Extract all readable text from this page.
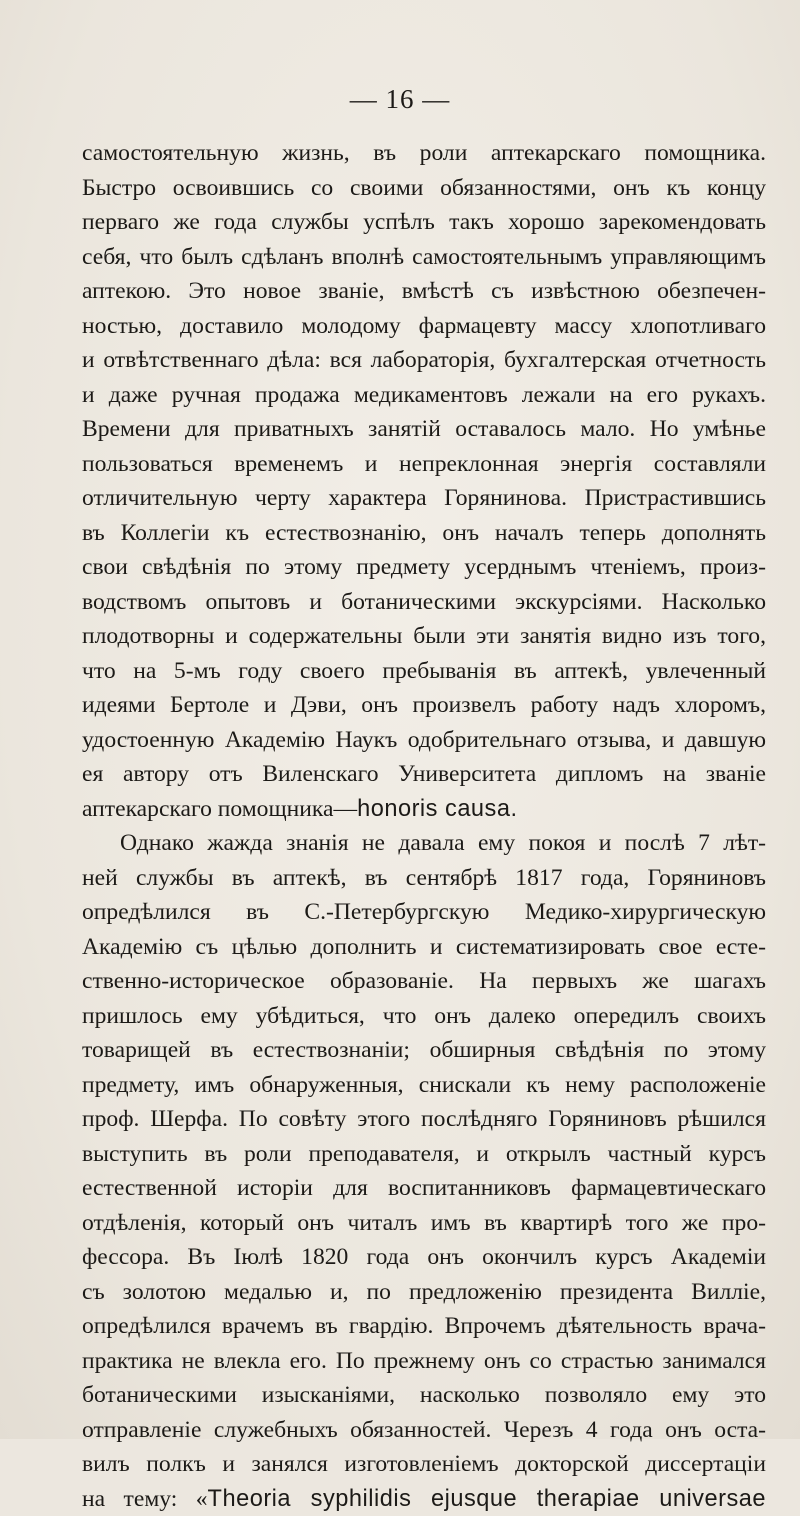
— 16 —
самостоятельную жизнь, въ роли аптекарскаго помощника.
Быстро освоившись со своими обязанностями, онъ къ концу
перваго же года службы успѣлъ такъ хорошо зарекомендовать
себя, что былъ сдѣланъ вполнѣ самостоятельнымъ управляющимъ
аптекою. Это новое званіе, вмѣстѣ съ извѣстною обезпечен-
ностью, доставило молодому фармацевту массу хлопотливаго
и отвѣтственнаго дѣла: вся лабораторія, бухгалтерская отчетность
и даже ручная продажа медикаментовъ лежали на его рукахъ.
Времени для приватныхъ занятій оставалось мало. Но умѣнье
пользоваться временемъ и непреклонная энергія составляли
отличительную черту характера Горянинова. Пристрастившись
въ Коллегіи къ естествознанію, онъ началъ теперь дополнять
свои свѣдѣнія по этому предмету усерднымъ чтеніемъ, произ-
водствомъ опытовъ и ботаническими экскурсіями. Насколько
плодотворны и содержательны были эти занятія видно изъ того,
что на 5-мъ году своего пребыванія въ аптекѣ, увлеченный
идеями Бертоле и Дэви, онъ произвелъ работу надъ хлоромъ,
удостоенную Академію Наукъ одобрительнаго отзыва, и давшую
ея автору отъ Виленскаго Университета дипломъ на званіе
аптекарскаго помощника—honoris causa.
Однако жажда знанія не давала ему покоя и послѣ 7 лѣт-
ней службы въ аптекѣ, въ сентябрѣ 1817 года, Горяниновъ
опредѣлился въ С.-Петербургскую Медико-хирургическую
Академію съ цѣлью дополнить и систематизировать свое есте-
ственно-историческое образованіе. На первыхъ же шагахъ
пришлось ему убѣдиться, что онъ далеко опередилъ своихъ
товарищей въ естествознаніи; обширныя свѣдѣнія по этому
предмету, имъ обнаруженныя, снискали къ нему расположеніе
проф. Шерфа. По совѣту этого послѣдняго Горяниновъ рѣшился
выступить въ роли преподавателя, и открылъ частный курсъ
естественной исторіи для воспитанниковъ фармацевтическаго
отдѣленія, который онъ читалъ имъ въ квартирѣ того же про-
фессора. Въ Іюлѣ 1820 года онъ окончилъ курсъ Академіи
съ золотою медалью и, по предложенію президента Вилліе,
опредѣлился врачемъ въ гвардію. Впрочемъ дѣятельность врача-
практика не влекла его. По прежнему онъ со страстью занимался
ботаническими изысканіями, насколько позволяло ему это
отправленіе служебныхъ обязанностей. Черезъ 4 года онъ оста-
вилъ полкъ и занялся изготовленіемъ докторской диссертаціи
на тему: «Theoria syphilidis ejusque therapiae universae
